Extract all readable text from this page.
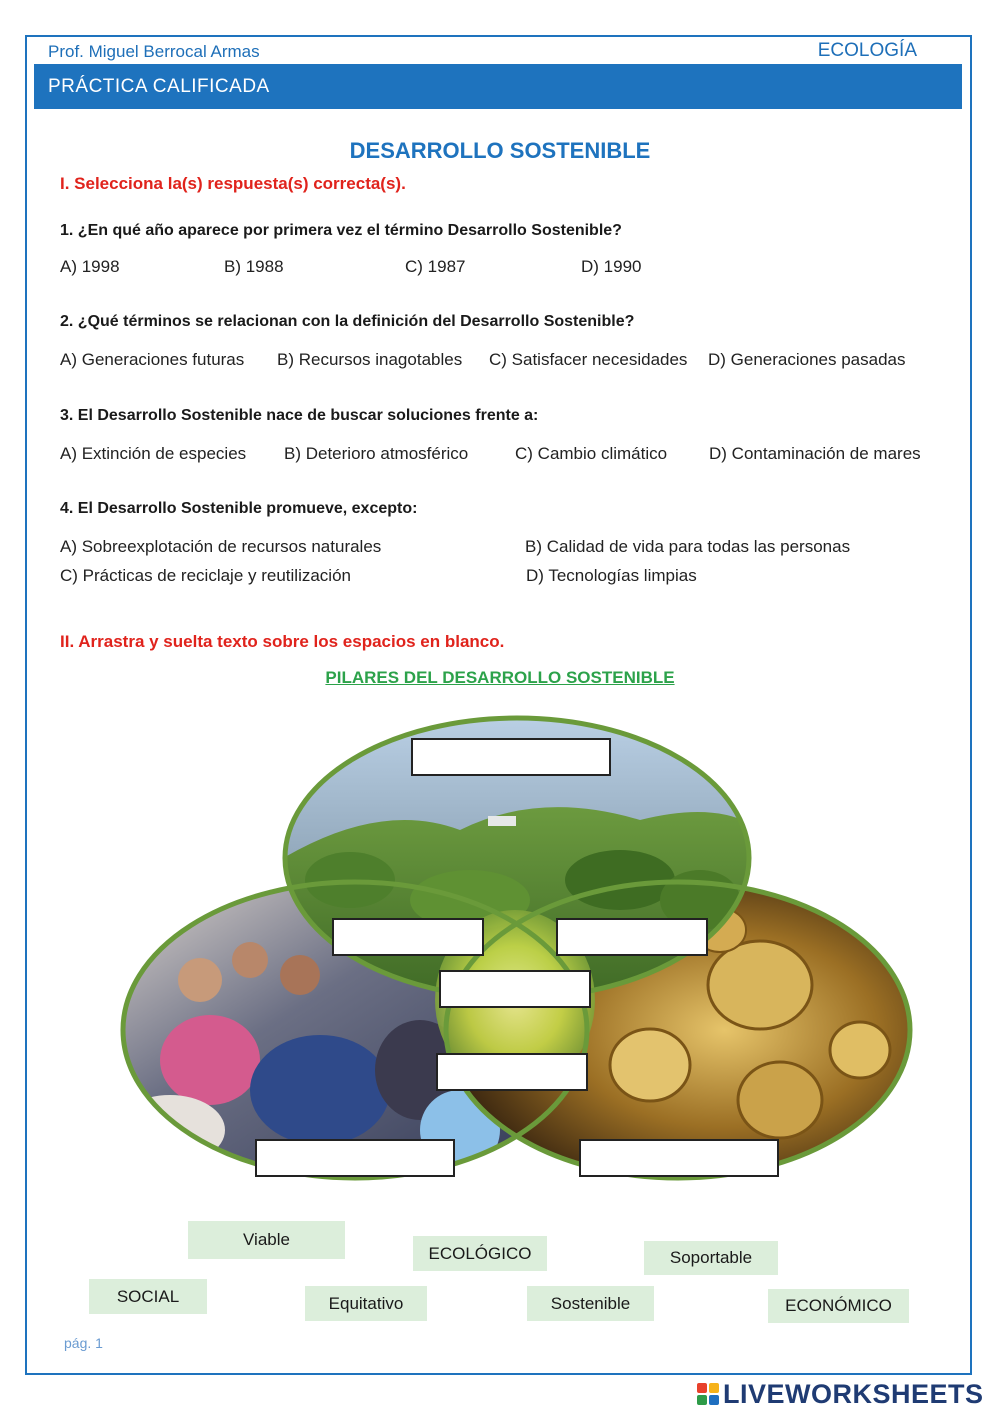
Prof. Miguel Berrocal Armas	ECOLOGÍA
PRÁCTICA CALIFICADA
DESARROLLO SOSTENIBLE
I. Selecciona la(s) respuesta(s) correcta(s).
1. ¿En qué año aparece por primera vez el término Desarrollo Sostenible?
A) 1998	B) 1988	C) 1987	D) 1990
2. ¿Qué términos se relacionan con la definición del Desarrollo Sostenible?
A) Generaciones futuras B) Recursos inagotables C) Satisfacer necesidades D) Generaciones pasadas
3. El Desarrollo Sostenible nace de buscar soluciones frente a:
A) Extinción de especies B) Deterioro atmosférico	C) Cambio climático D) Contaminación de mares
4. El Desarrollo Sostenible promueve, excepto:
A) Sobreexplotación de recursos naturales	B) Calidad de vida para todas las personas
C) Prácticas de reciclaje y reutilización	D) Tecnologías limpias
II. Arrastra y suelta texto sobre los espacios en blanco.
PILARES DEL DESARROLLO SOSTENIBLE
Viable
ECOLÓGICO	Soportable
SOCIAL	Equitativo	Sostenible	ECONÓMICO
pág. 1
LIVEWORKSHEETS
